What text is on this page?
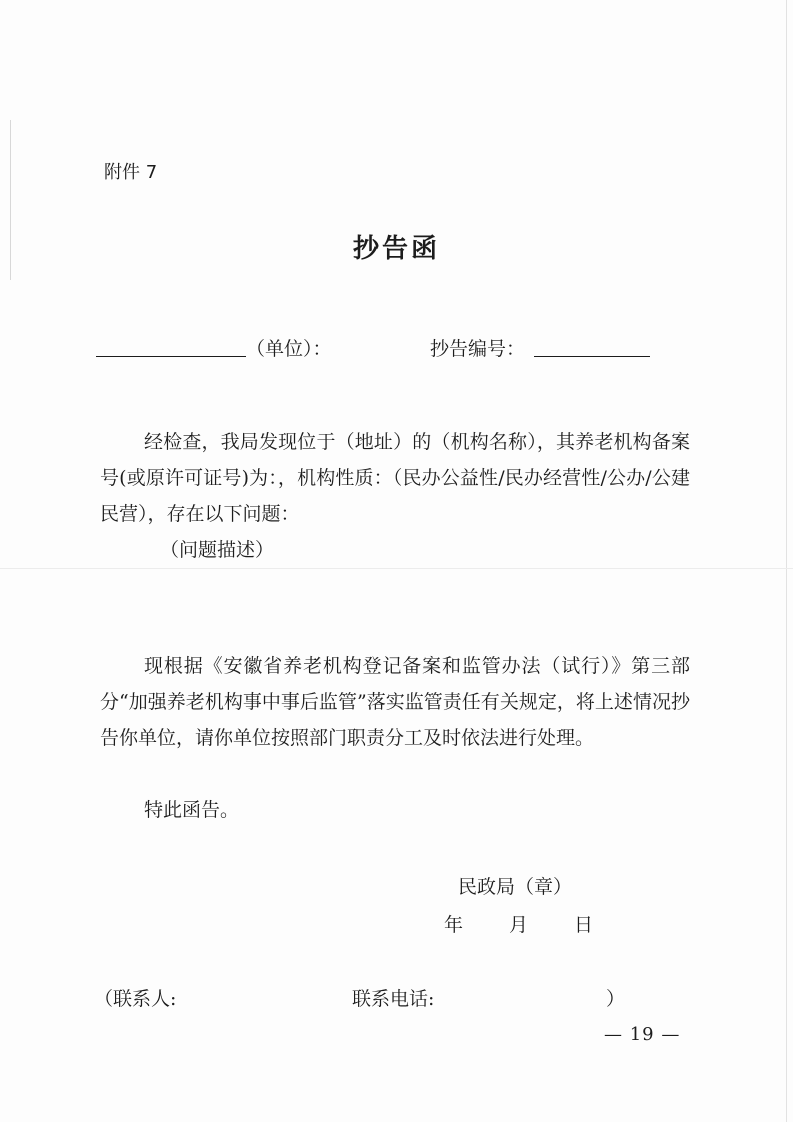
附件 7
抄告函
（单位）：	抄告编号：

经检查，我局发现位于（地址）的（机构名称），其养老机构备案号(或原许可证号)为：，机构性质：（民办公益性/民办经营性/公办/公建民营），存在以下问题：

（问题描述）

现根据《安徽省养老机构登记备案和监管办法（试行）》第三部分“加强养老机构事中事后监管”落实监管责任有关规定，将上述情况抄告你单位，请你单位按照部门职责分工及时依法进行处理。

特此函告。
民政局（章）
年 月 日
（联系人:	联系电话:	）
— 19 —
